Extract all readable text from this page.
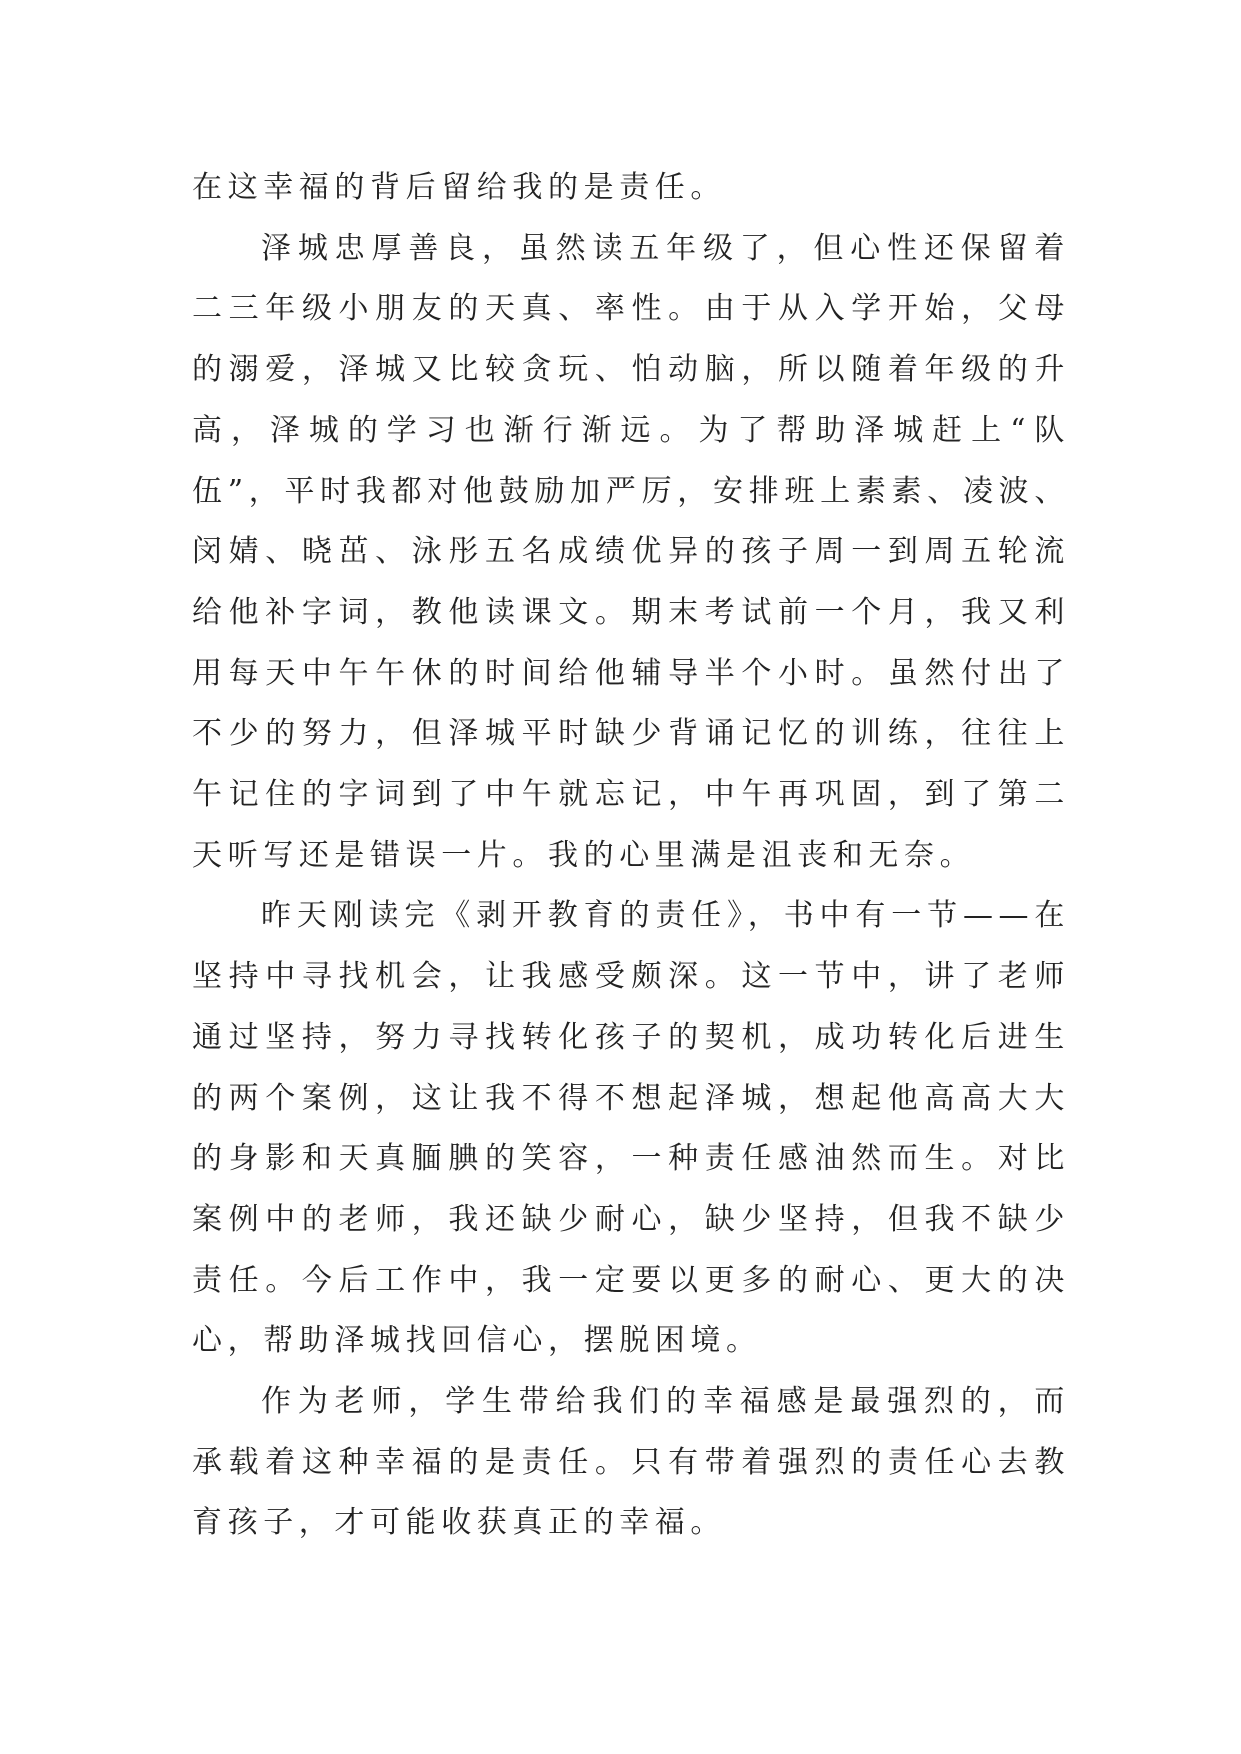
在这幸福的背后留给我的是责任。

泽城忠厚善良，虽然读五年级了，但心性还保留着二三年级小朋友的天真、率性。由于从入学开始，父母的溺爱，泽城又比较贪玩、怕动脑，所以随着年级的升高，泽城的学习也渐行渐远。为了帮助泽城赶上“队伍”，平时我都对他鼓励加严厉，安排班上素素、凌波、闵婧、晓茁、泳彤五名成绩优异的孩子周一到周五轮流给他补字词，教他读课文。期末考试前一个月，我又利用每天中午午休的时间给他辅导半个小时。虽然付出了不少的努力，但泽城平时缺少背诵记忆的训练，往往上午记住的字词到了中午就忘记，中午再巩固，到了第二天听写还是错误一片。我的心里满是沮丧和无奈。

昨天刚读完《剥开教育的责任》，书中有一节——在坚持中寻找机会，让我感受颇深。这一节中，讲了老师通过坚持，努力寻找转化孩子的契机，成功转化后进生的两个案例，这让我不得不想起泽城，想起他高高大大的身影和天真腼腆的笑容，一种责任感油然而生。对比案例中的老师，我还缺少耐心，缺少坚持，但我不缺少责任。今后工作中，我一定要以更多的耐心、更大的决心，帮助泽城找回信心，摆脱困境。

作为老师，学生带给我们的幸福感是最强烈的，而承载着这种幸福的是责任。只有带着强烈的责任心去教育孩子，才可能收获真正的幸福。
